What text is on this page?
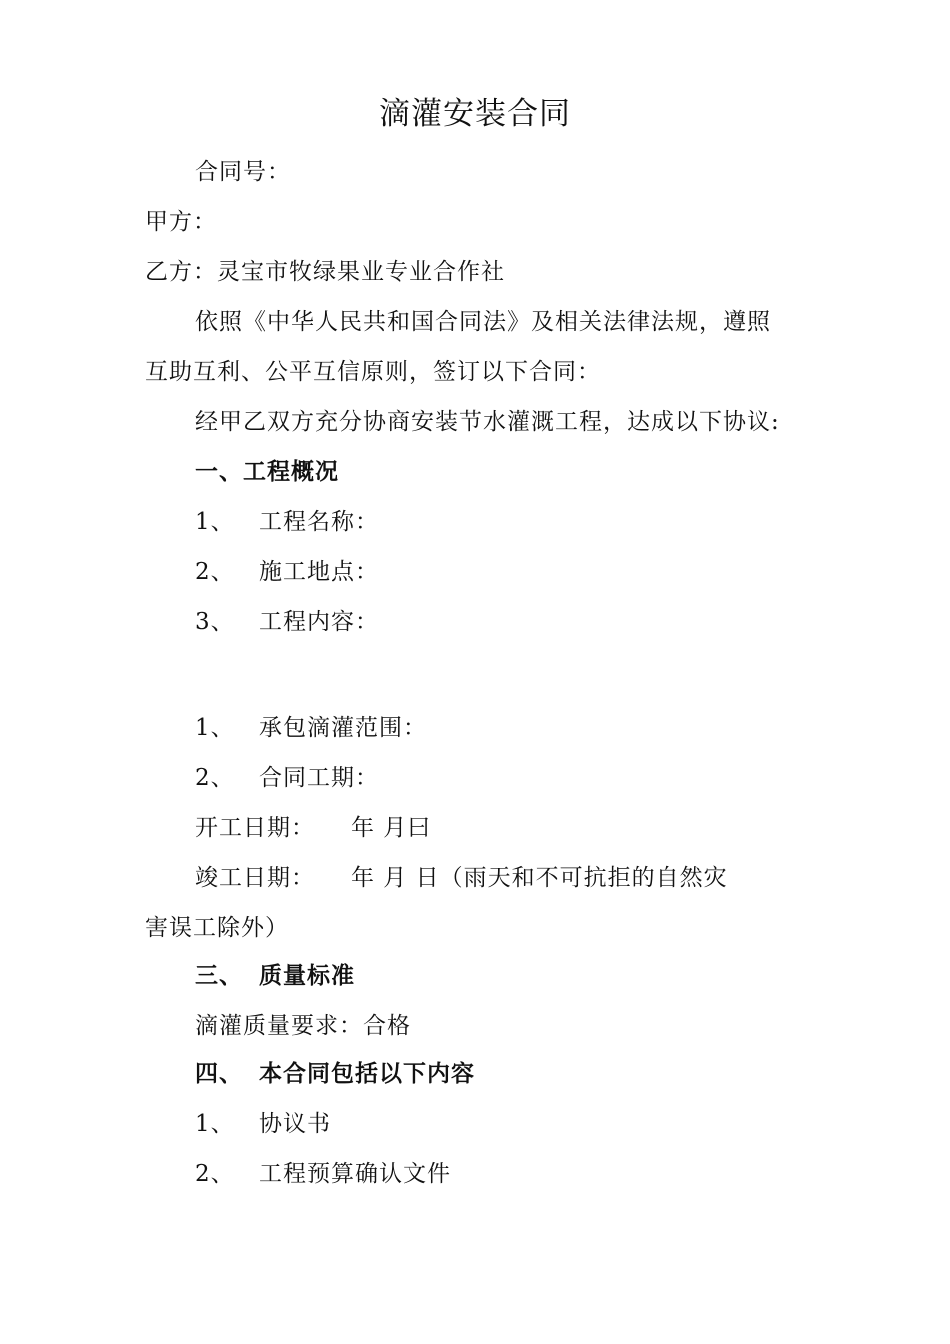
滴灌安装合同
合同号：
甲方：
乙方：灵宝市牧绿果业专业合作社
依照《中华人民共和国合同法》及相关法律法规，遵照
互助互利、公平互信原则，签订以下合同：
经甲乙双方充分协商安装节水灌溉工程，达成以下协议:
一、工程概况
1、 工程名称：
2、 施工地点：
3、 工程内容：
1、 承包滴灌范围：
2、 合同工期：
开工日期： 年 月曰
竣工日期： 年 月 日（雨天和不可抗拒的自然灾
害误工除外）
三、 质量标准
滴灌质量要求：合格
四、 本合同包括以下内容
1、 协议书
2、 工程预算确认文件
